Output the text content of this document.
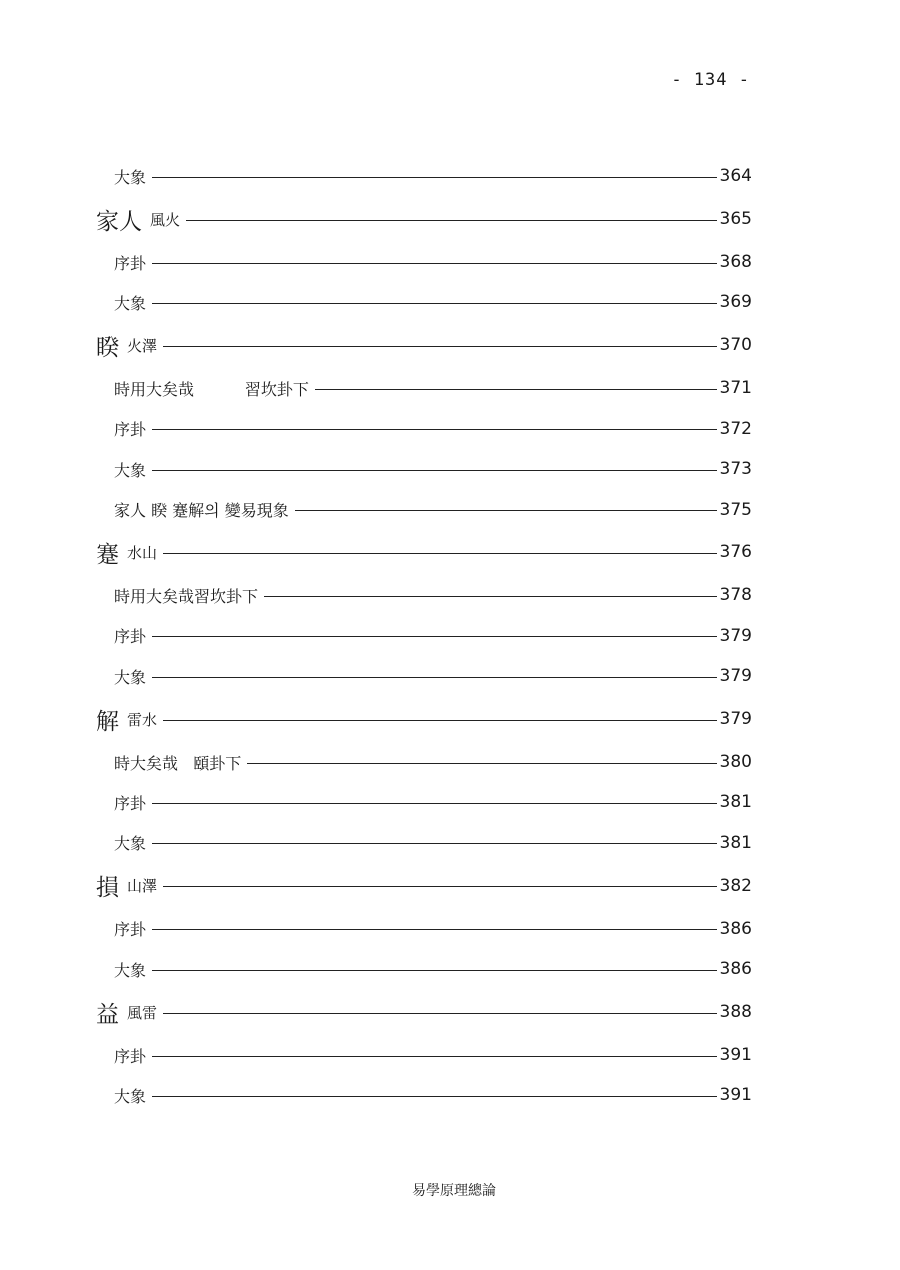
- 134 -
大象	364
家人 風火	365
序卦	368
大象	369
睽 火澤	370
時用大矣哉          習坎卦下	371
序卦	372
大象	373
家人 睽 蹇解의 變易現象	375
蹇 水山	376
時用大矣哉習坎卦下	378
序卦	379
大象	379
解 雷水	379
時大矣哉   頤卦下	380
序卦	381
大象	381
損 山澤	382
序卦	386
大象	386
益 風雷	388
序卦	391
大象	391
易學原理總論
